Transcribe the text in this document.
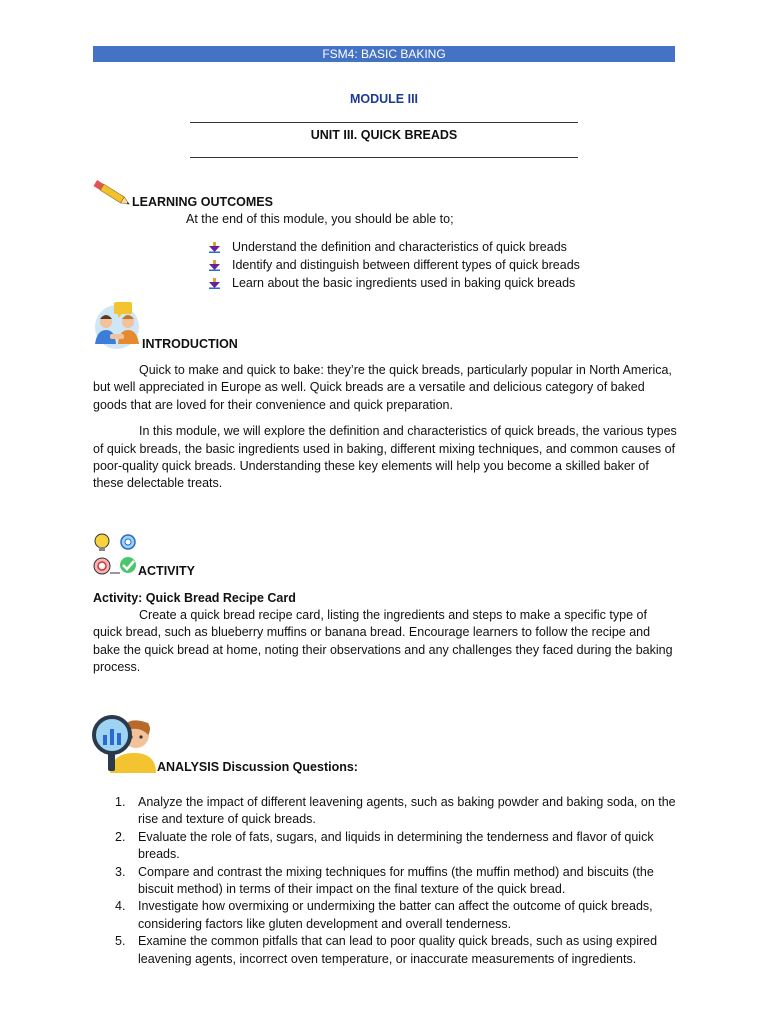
FSM4: BASIC BAKING
MODULE III
UNIT III. QUICK BREADS
LEARNING OUTCOMES
At the end of this module, you should be able to;
Understand the definition and characteristics of quick breads
Identify and distinguish between different types of quick breads
Learn about the basic ingredients used in baking quick breads
INTRODUCTION

Quick to make and quick to bake: they’re the quick breads, particularly popular in North America, but well appreciated in Europe as well. Quick breads are a versatile and delicious category of baked goods that are loved for their convenience and quick preparation.

In this module, we will explore the definition and characteristics of quick breads, the various types of quick breads, the basic ingredients used in baking, different mixing techniques, and common causes of poor-quality quick breads. Understanding these key elements will help you become a skilled baker of these delectable treats.

ACTIVITY
Activity: Quick Bread Recipe Card

Create a quick bread recipe card, listing the ingredients and steps to make a specific type of quick bread, such as blueberry muffins or banana bread. Encourage learners to follow the recipe and bake the quick bread at home, noting their observations and any challenges they faced during the baking process.

ANALYSIS Discussion Questions:
1. Analyze the impact of different leavening agents, such as baking powder and baking soda, on the rise and texture of quick breads.
2. Evaluate the role of fats, sugars, and liquids in determining the tenderness and flavor of quick breads.
3. Compare and contrast the mixing techniques for muffins (the muffin method) and biscuits (the biscuit method) in terms of their impact on the final texture of the quick bread.
4. Investigate how overmixing or undermixing the batter can affect the outcome of quick breads, considering factors like gluten development and overall tenderness.
5. Examine the common pitfalls that can lead to poor quality quick breads, such as using expired leavening agents, incorrect oven temperature, or inaccurate measurements of ingredients.
